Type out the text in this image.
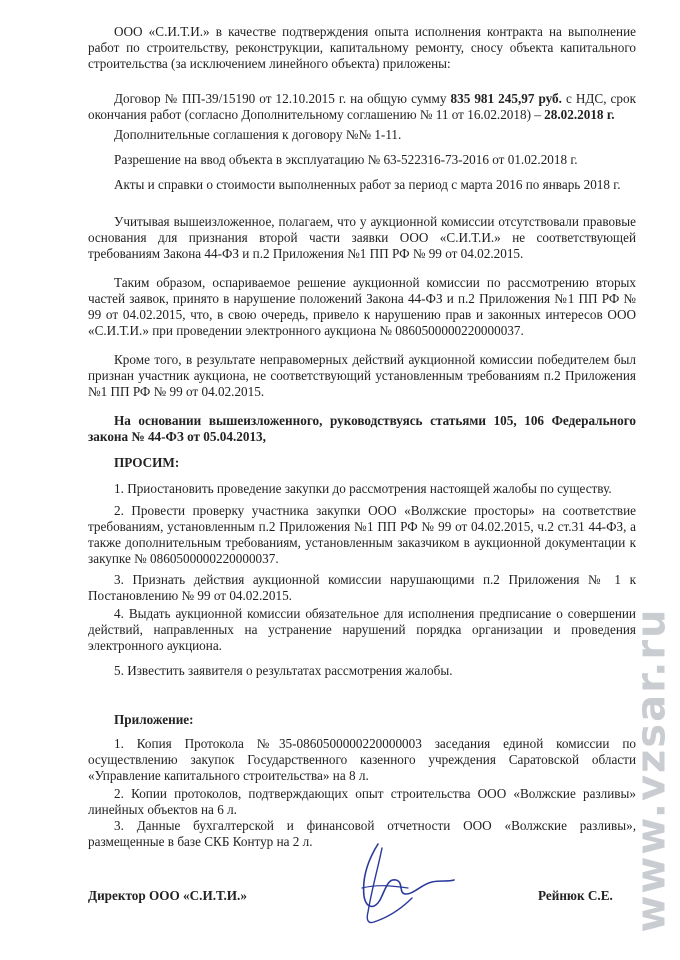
ООО «С.И.Т.И.» в качестве подтверждения опыта исполнения контракта на выполнение работ по строительству, реконструкции, капитальному ремонту, сносу объекта капитального строительства (за исключением линейного объекта) приложены:

Договор № ПП-39/15190 от 12.10.2015 г. на общую сумму 835 981 245,97 руб. с НДС, срок окончания работ (согласно Дополнительному соглашению № 11 от 16.02.2018) – 28.02.2018 г.

Дополнительные соглашения к договору №№ 1-11.

Разрешение на ввод объекта в эксплуатацию № 63-522316-73-2016 от 01.02.2018 г.

Акты и справки о стоимости выполненных работ за период с марта 2016 по январь 2018 г.

Учитывая вышеизложенное, полагаем, что у аукционной комиссии отсутствовали правовые основания для признания второй части заявки ООО «С.И.Т.И.» не соответствующей требованиям Закона 44-ФЗ и п.2 Приложения №1 ПП РФ № 99 от 04.02.2015.

Таким образом, оспариваемое решение аукционной комиссии по рассмотрению вторых частей заявок, принято в нарушение положений Закона 44-ФЗ и п.2 Приложения №1 ПП РФ № 99 от 04.02.2015, что, в свою очередь, привело к нарушению прав и законных интересов ООО «С.И.Т.И.» при проведении электронного аукциона № 0860500000220000037.

Кроме того, в результате неправомерных действий аукционной комиссии победителем был признан участник аукциона, не соответствующий установленным требованиям п.2 Приложения №1 ПП РФ № 99 от 04.02.2015.

На основании вышеизложенного, руководствуясь статьями 105, 106 Федерального закона № 44-ФЗ от 05.04.2013,

ПРОСИМ:

1. Приостановить проведение закупки до рассмотрения настоящей жалобы по существу.

2. Провести проверку участника закупки ООО «Волжские просторы» на соответствие требованиям, установленным п.2 Приложения №1 ПП РФ № 99 от 04.02.2015, ч.2 ст.31 44-ФЗ, а также дополнительным требованиям, установленным заказчиком в аукционной документации к закупке № 0860500000220000037.

3. Признать действия аукционной комиссии нарушающими п.2 Приложения № 1 к Постановлению № 99 от 04.02.2015.

4. Выдать аукционной комиссии обязательное для исполнения предписание о совершении действий, направленных на устранение нарушений порядка организации и проведения электронного аукциона.

5. Известить заявителя о результатах рассмотрения жалобы.

Приложение:

1. Копия Протокола №35-0860500000220000003 заседания единой комиссии по осуществлению закупок Государственного казенного учреждения Саратовской области «Управление капитального строительства» на 8 л.

2. Копии протоколов, подтверждающих опыт строительства ООО «Волжские разливы» линейных объектов на 6 л.

3. Данные бухгалтерской и финансовой отчетности ООО «Волжские разливы», размещенные в базе СКБ Контур на 2 л.

Директор ООО «С.И.Т.И.»	Рейнюк С.Е. www.vzsar.ru
